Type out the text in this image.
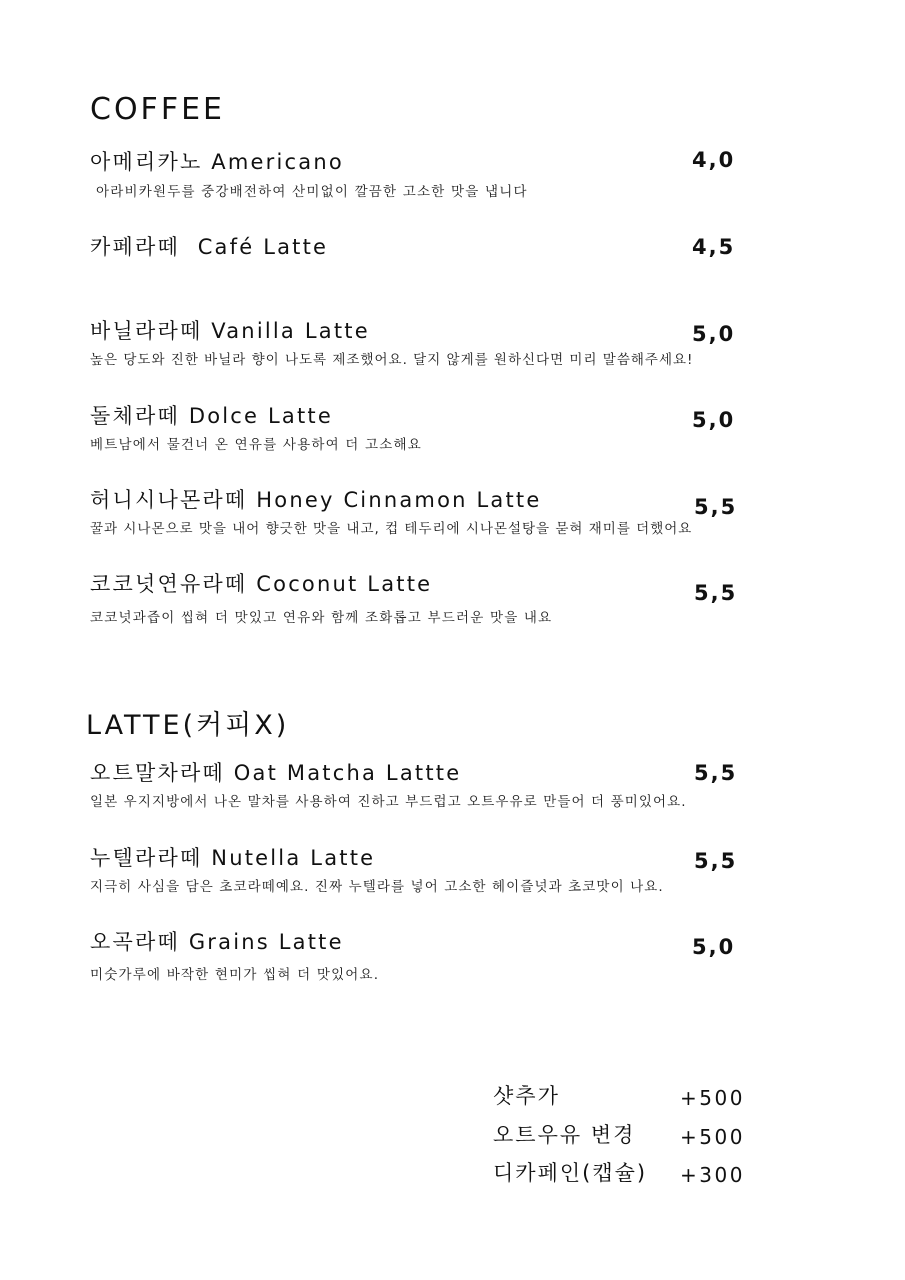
COFFEE
아메리카노 Americano	4,0
아라비카원두를 중강배전하여 산미없이 깔끔한 고소한 맛을 냅니다
카페라떼  Café Latte	4,5
바닐라라떼 Vanilla Latte	5,0
높은 당도와 진한 바닐라 향이 나도록 제조했어요. 달지 않게를 원하신다면 미리 말씀해주세요!
돌체라떼 Dolce Latte	5,0
베트남에서 물건너 온 연유를 사용하여 더 고소해요
허니시나몬라떼 Honey Cinnamon Latte	5,5
꿀과 시나몬으로 맛을 내어 향긋한 맛을 내고, 컵 테두리에 시나몬설탕을 묻혀 재미를 더했어요
코코넛연유라떼 Coconut Latte	5,5
코코넛과즙이 씹혀 더 맛있고 연유와 함께 조화롭고 부드러운 맛을 내요
LATTE(커피X)
오트말차라떼 Oat Matcha Lattte	5,5
일본 우지지방에서 나온 말차를 사용하여 진하고 부드럽고 오트우유로 만들어 더 풍미있어요.
누텔라라떼 Nutella Latte	5,5
지극히 사심을 담은 초코라떼예요. 진짜 누텔라를 넣어 고소한 헤이즐넛과 초코맛이 나요.
오곡라떼 Grains Latte	5,0
미숫가루에 바작한 현미가 씹혀 더 맛있어요.
샷추가	+500
오트우유 변경 +500
디카페인(캡슐) +300
